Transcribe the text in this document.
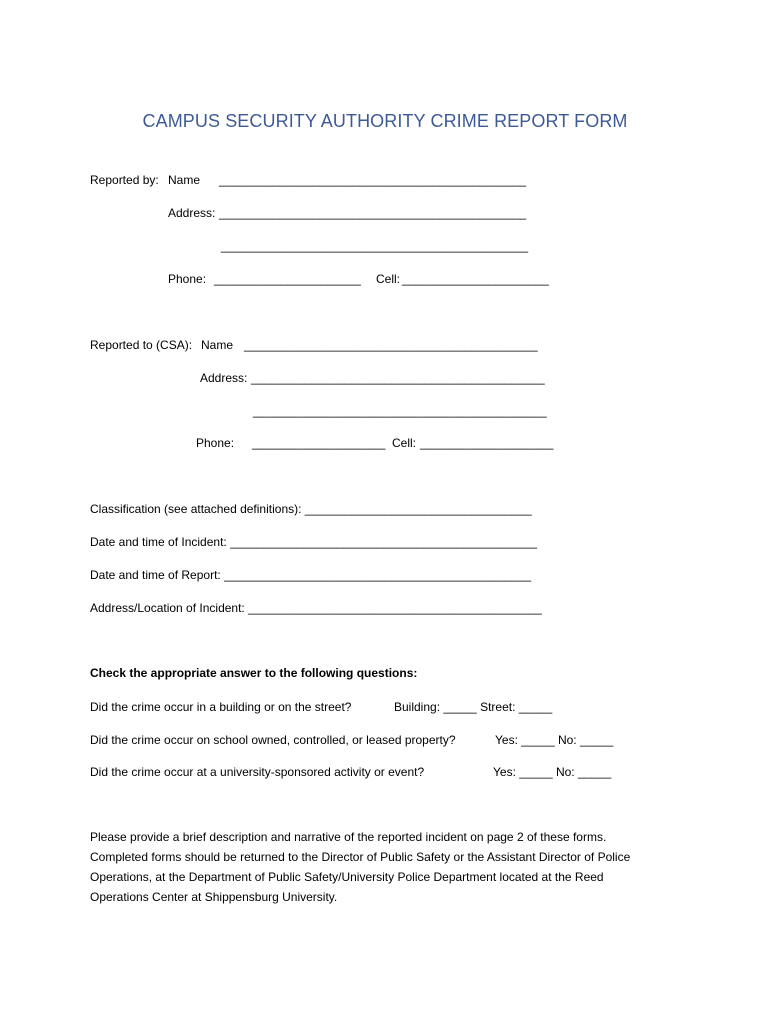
CAMPUS SECURITY AUTHORITY CRIME REPORT FORM
Reported by: Name ______________________________________________
Address: ______________________________________________
______________________________________________
Phone: ______________________ Cell: ______________________
Reported to (CSA): Name ____________________________________________
Address: ____________________________________________
____________________________________________
Phone: ____________________ Cell: ____________________
Classification (see attached definitions): __________________________________
Date and time of Incident: ______________________________________________
Date and time of Report: ______________________________________________
Address/Location of Incident: ____________________________________________
Check the appropriate answer to the following questions:
Did the crime occur in a building or on the street?	Building: _____ Street: _____
Did the crime occur on school owned, controlled, or leased property?	Yes: _____ No: _____
Did the crime occur at a university-sponsored activity or event?	Yes: _____ No: _____

Please provide a brief description and narrative of the reported incident on page 2 of these forms.

Completed forms should be returned to the Director of Public Safety or the Assistant Director of Police

Operations, at the Department of Public Safety/University Police Department located at the Reed

Operations Center at Shippensburg University.
